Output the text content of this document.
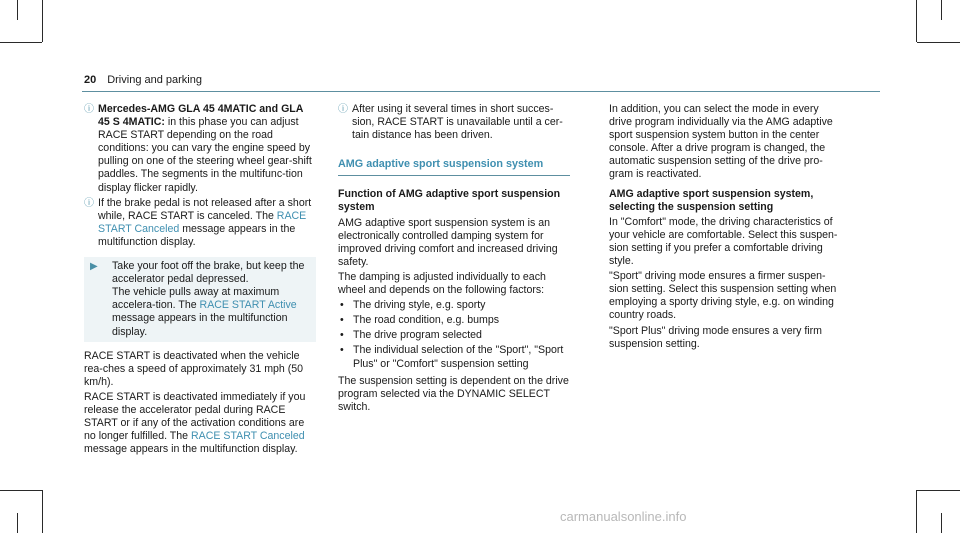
20 Driving and parking
ⓘ Mercedes-AMG GLA 45 4MATIC and GLA 45 S 4MATIC: in this phase you can adjust RACE START depending on the road conditions: you can vary the engine speed by pulling on one of the steering wheel gear-shift paddles. The segments in the multifunc-tion display flicker rapidly.
ⓘ If the brake pedal is not released after a short while, RACE START is canceled. The RACE START Canceled message appears in the multifunction display.
▶	Take your foot off the brake, but keep the accelerator pedal depressed.
The vehicle pulls away at maximum accelera-tion. The RACE START Active message appears in the multifunction display.

RACE START is deactivated when the vehicle rea-ches a speed of approximately 31 mph (50 km/h).

RACE START is deactivated immediately if you release the accelerator pedal during RACE START or if any of the activation conditions are no longer fulfilled. The RACE START Canceled message appears in the multifunction display.

ⓘ After using it several times in short succes-sion, RACE START is unavailable until a cer-tain distance has been driven.
AMG adaptive sport suspension system

Function of AMG adaptive sport suspension system

AMG adaptive sport suspension system is an electronically controlled damping system for improved driving comfort and increased driving safety.

The damping is adjusted individually to each wheel and depends on the following factors:

• The driving style, e.g. sporty
• The road condition, e.g. bumps
• The drive program selected
• The individual selection of the "Sport", "Sport Plus" or "Comfort" suspension setting

The suspension setting is dependent on the drive program selected via the DYNAMIC SELECT switch.

In addition, you can select the mode in every drive program individually via the AMG adaptive sport suspension system button in the center console. After a drive program is changed, the automatic suspension setting of the drive pro-gram is reactivated.

AMG adaptive sport suspension system, selecting the suspension setting

In "Comfort" mode, the driving characteristics of your vehicle are comfortable. Select this suspen-sion setting if you prefer a comfortable driving style.

"Sport" driving mode ensures a firmer suspen-sion setting. Select this suspension setting when employing a sporty driving style, e.g. on winding country roads.

"Sport Plus" driving mode ensures a very firm suspension setting.

carmanualsonline.info
